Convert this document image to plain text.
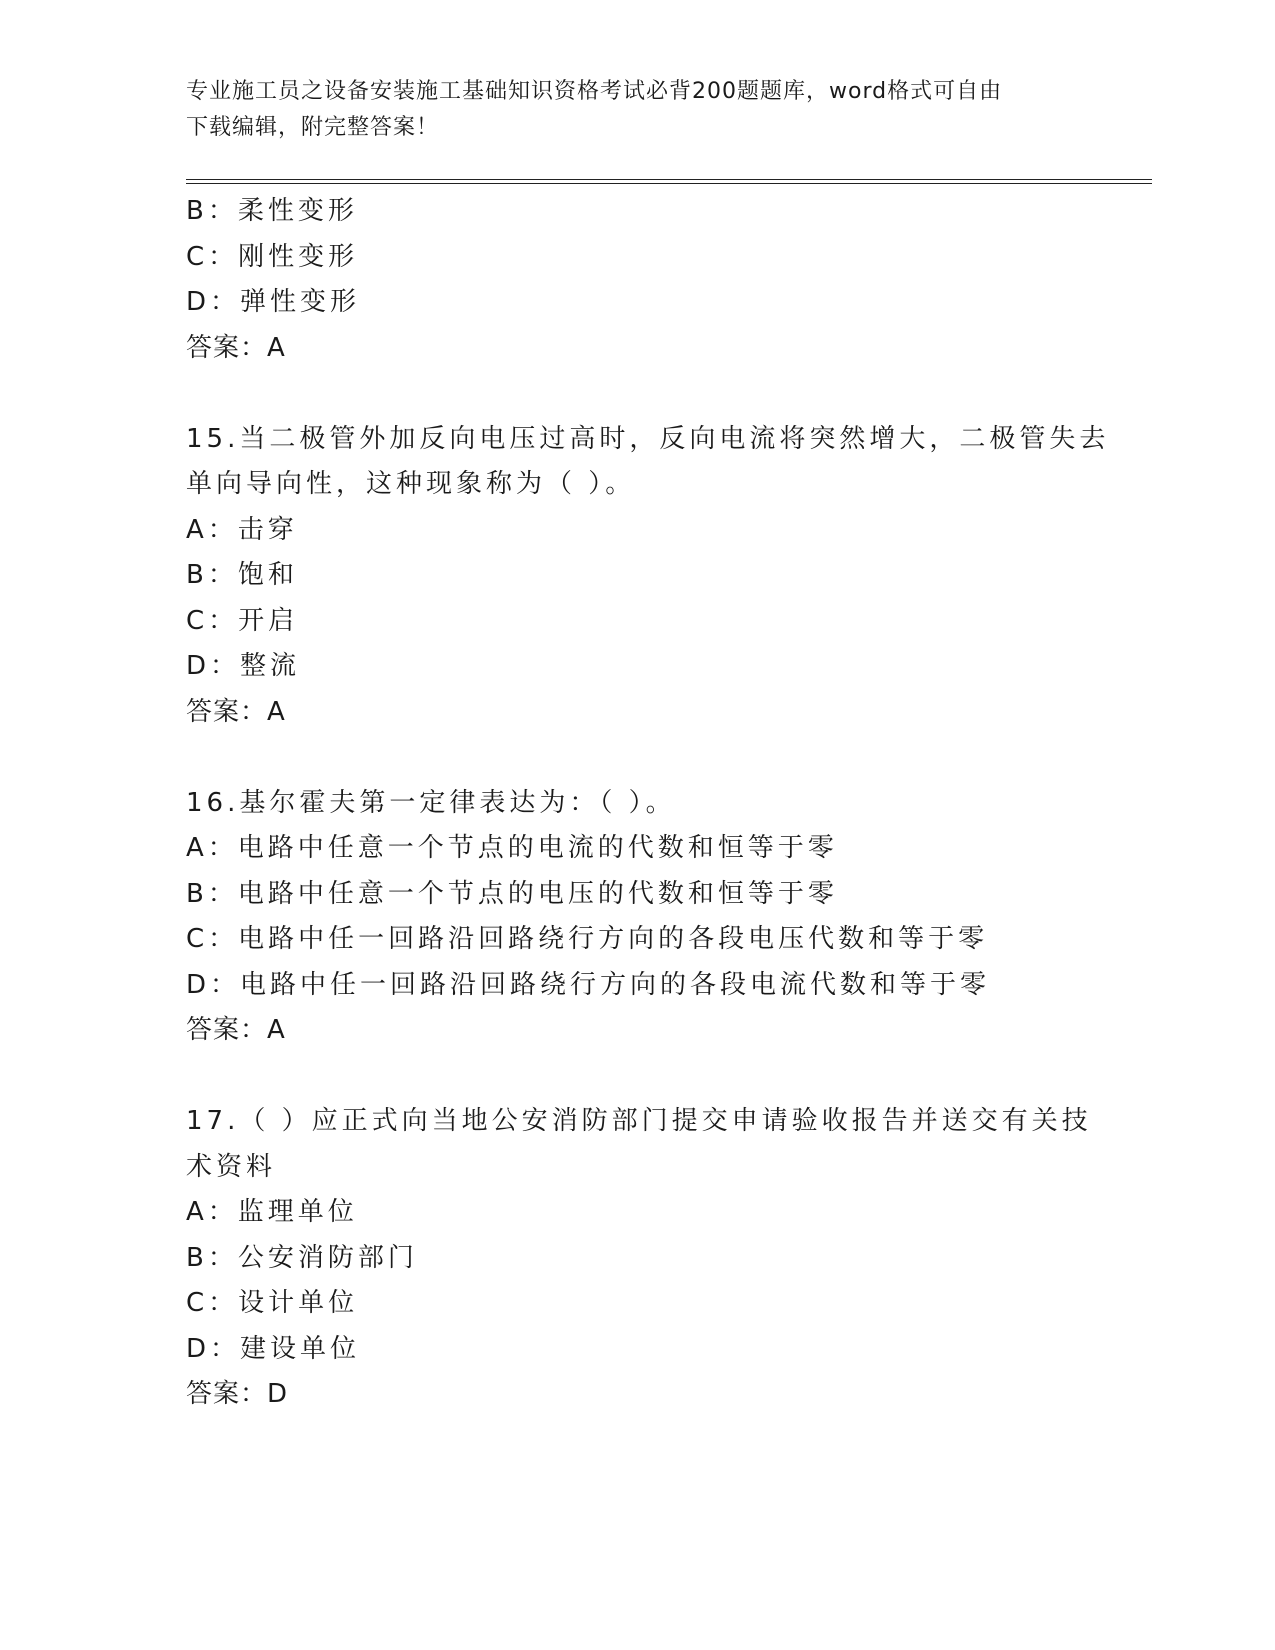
专业施工员之设备安装施工基础知识资格考试必背200题题库，word格式可自由
下载编辑，附完整答案！
B：柔性变形
C：刚性变形
D：弹性变形
答案：A
15.当二极管外加反向电压过高时，反向电流将突然增大，二极管失去
单向导向性，这种现象称为（ ）。
A：击穿
B：饱和
C：开启
D：整流
答案：A
16.基尔霍夫第一定律表达为：（ ）。
A：电路中任意一个节点的电流的代数和恒等于零
B：电路中任意一个节点的电压的代数和恒等于零
C：电路中任一回路沿回路绕行方向的各段电压代数和等于零
D：电路中任一回路沿回路绕行方向的各段电流代数和等于零
答案：A
17.（ ）应正式向当地公安消防部门提交申请验收报告并送交有关技
术资料
A：监理单位
B：公安消防部门
C：设计单位
D：建设单位
答案：D
